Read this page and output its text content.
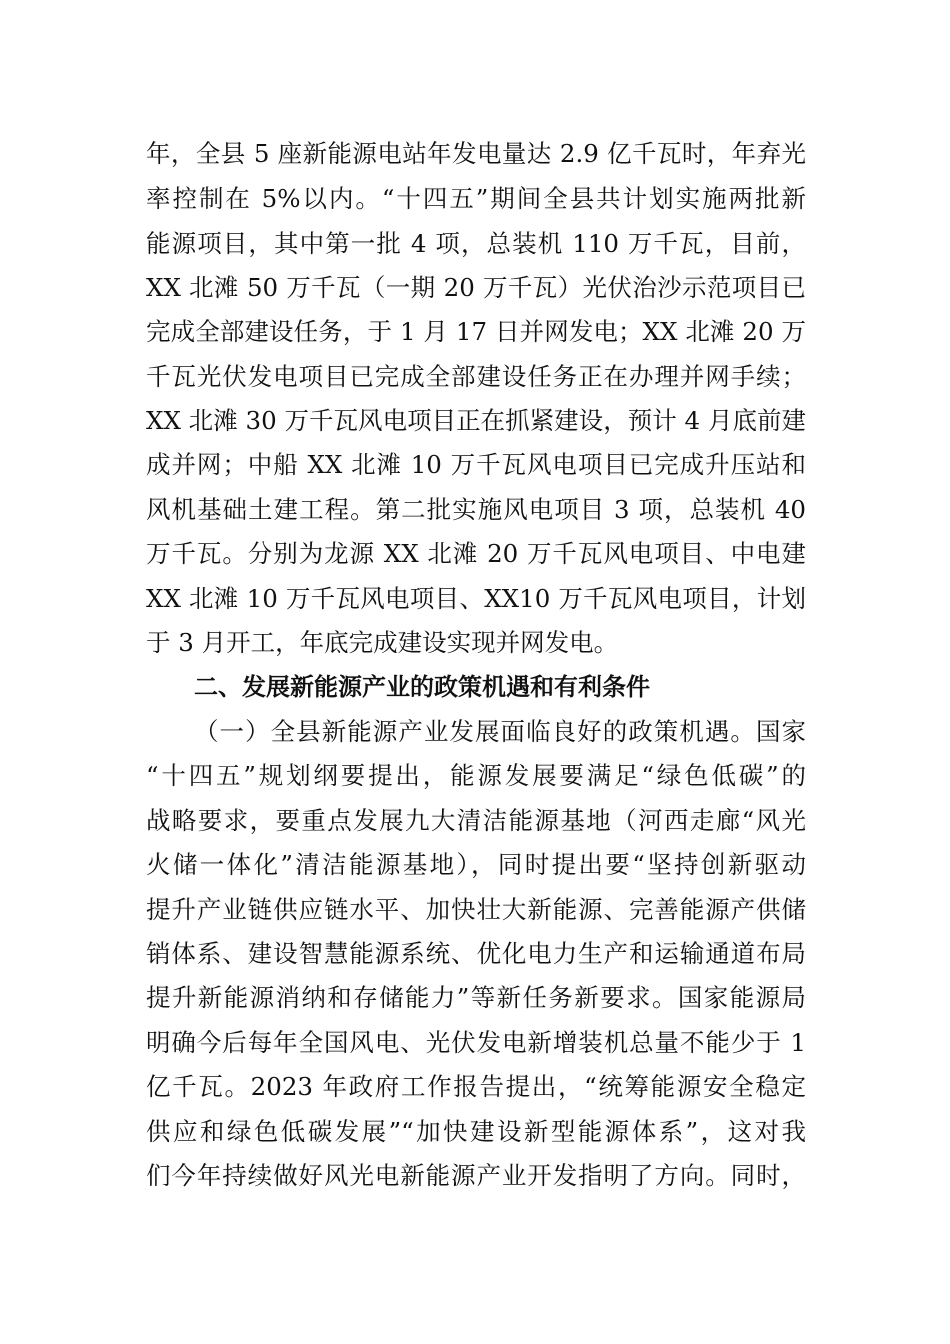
年，全县 5 座新能源电站年发电量达 2.9 亿千瓦时，年弃光
率控制在 5%以内。“十四五”期间全县共计划实施两批新
能源项目，其中第一批 4 项，总装机 110 万千瓦，目前，
XX 北滩 50 万千瓦（一期 20 万千瓦）光伏治沙示范项目已
完成全部建设任务，于 1 月 17 日并网发电；XX 北滩 20 万
千瓦光伏发电项目已完成全部建设任务正在办理并网手续；
XX 北滩 30 万千瓦风电项目正在抓紧建设，预计 4 月底前建
成并网；中船 XX 北滩 10 万千瓦风电项目已完成升压站和
风机基础土建工程。第二批实施风电项目 3 项，总装机 40
万千瓦。分别为龙源 XX 北滩 20 万千瓦风电项目、中电建
XX 北滩 10 万千瓦风电项目、XX10 万千瓦风电项目，计划
于 3 月开工，年底完成建设实现并网发电。
二、发展新能源产业的政策机遇和有利条件
（一）全县新能源产业发展面临良好的政策机遇。国家
“十四五”规划纲要提出，能源发展要满足“绿色低碳”的
战略要求，要重点发展九大清洁能源基地（河西走廊“风光
火储一体化”清洁能源基地），同时提出要“坚持创新驱动
提升产业链供应链水平、加快壮大新能源、完善能源产供储
销体系、建设智慧能源系统、优化电力生产和运输通道布局
提升新能源消纳和存储能力”等新任务新要求。国家能源局
明确今后每年全国风电、光伏发电新增装机总量不能少于 1
亿千瓦。2023 年政府工作报告提出，“统筹能源安全稳定
供应和绿色低碳发展”“加快建设新型能源体系”，这对我
们今年持续做好风光电新能源产业开发指明了方向。同时，
